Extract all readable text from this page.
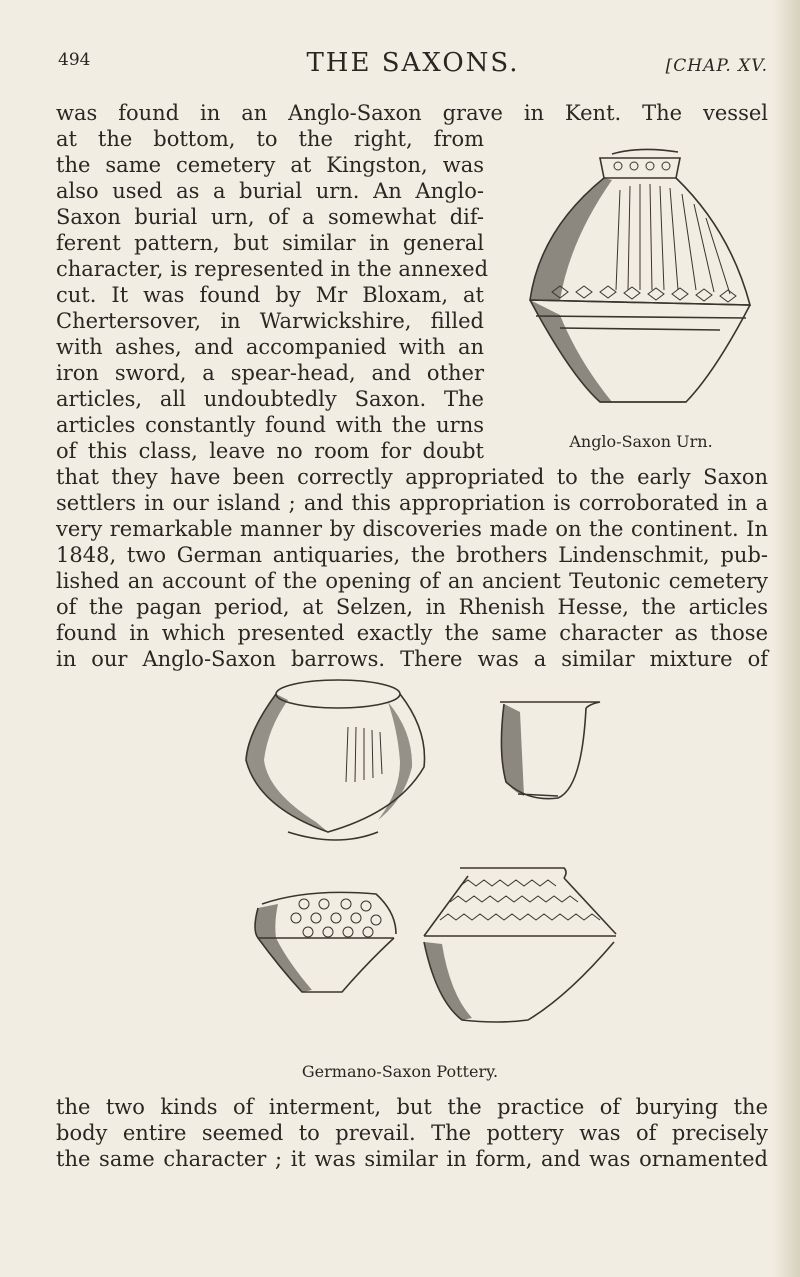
494	THE SAXONS.	[CHAP. XV.
was found in an Anglo-Saxon grave in Kent. The vessel
at the bottom, to the right, from
the same cemetery at Kingston, was
also used as a burial urn. An Anglo-
Saxon burial urn, of a somewhat dif-
ferent pattern, but similar in general
character, is represented in the annexed
cut. It was found by Mr Bloxam, at
Chertersover, in Warwickshire, filled
with ashes, and accompanied with an
iron sword, a spear-head, and other
articles, all undoubtedly Saxon. The
articles constantly found with the urns
of this class, leave no room for doubt
that they have been correctly appropriated to the early Saxon
settlers in our island ; and this appropriation is corroborated in a
very remarkable manner by discoveries made on the continent. In
1848, two German antiquaries, the brothers Lindenschmit, pub-
lished an account of the opening of an ancient Teutonic cemetery
of the pagan period, at Selzen, in Rhenish Hesse, the articles
found in which presented exactly the same character as those
in our Anglo-Saxon barrows. There was a similar mixture of
Anglo-Saxon Urn.
Germano-Saxon Pottery.
the two kinds of interment, but the practice of burying the
body entire seemed to prevail. The pottery was of precisely
the same character ; it was similar in form, and was ornamented
